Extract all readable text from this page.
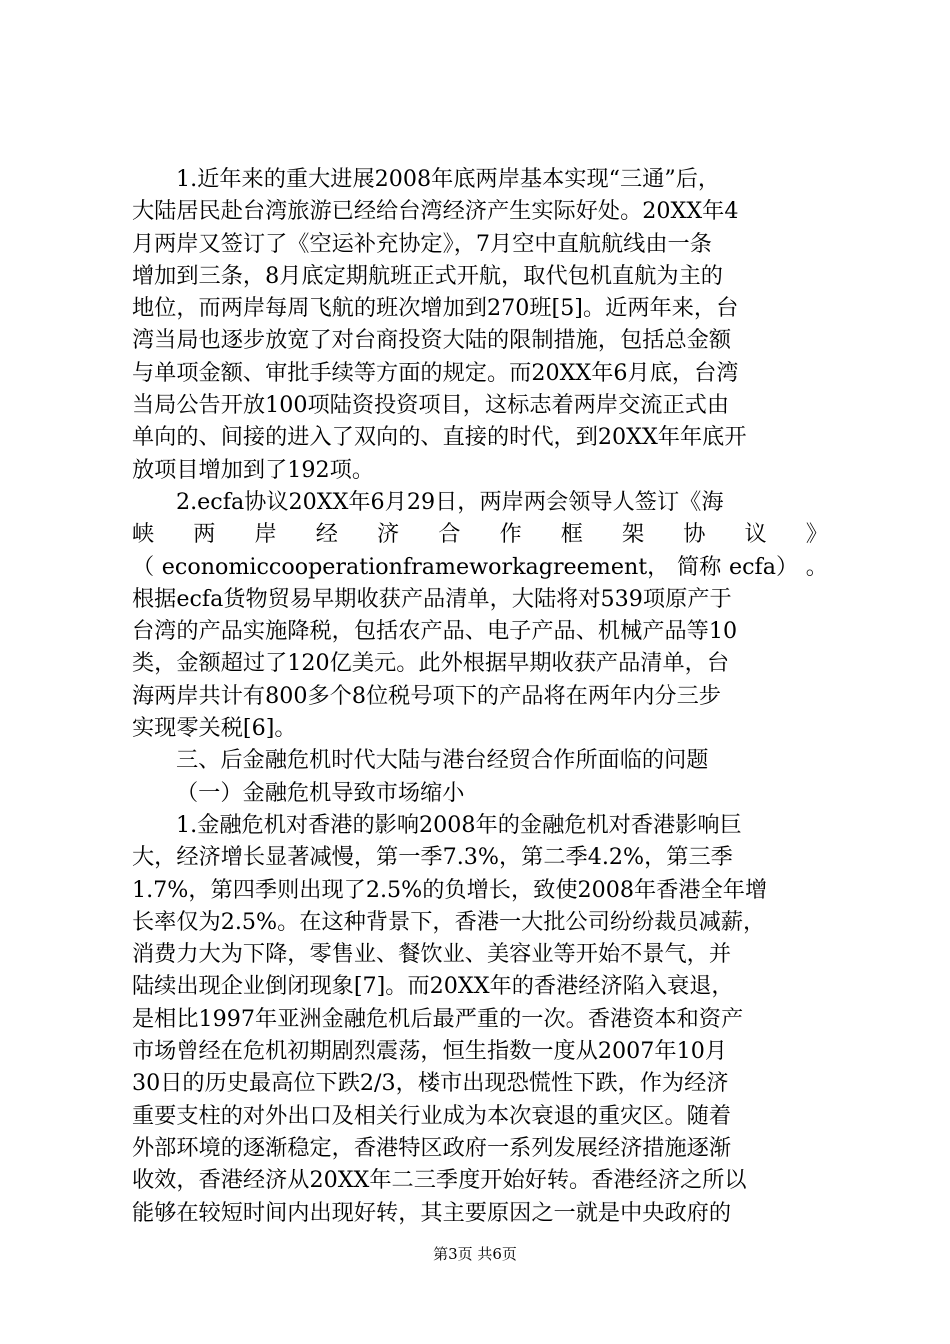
1.近年来的重大进展2008年底两岸基本实现“三通”后，
大陆居民赴台湾旅游已经给台湾经济产生实际好处。20XX年4
月两岸又签订了《空运补充协定》，7月空中直航航线由一条
增加到三条，8月底定期航班正式开航，取代包机直航为主的
地位，而两岸每周飞航的班次增加到270班[5]。近两年来，台
湾当局也逐步放宽了对台商投资大陆的限制措施，包括总金额
与单项金额、审批手续等方面的规定。而20XX年6月底，台湾
当局公告开放100项陆资投资项目，这标志着两岸交流正式由
单向的、间接的进入了双向的、直接的时代，到20XX年年底开
放项目增加到了192项。
2.ecfa协议20XX年6月29日，两岸两会领导人签订《海
峡 两 岸 经 济 合 作 框 架 协 议 》
（ economiccooperationframeworkagreement， 简称 ecfa） 。
根据ecfa货物贸易早期收获产品清单，大陆将对539项原产于
台湾的产品实施降税，包括农产品、电子产品、机械产品等10
类，金额超过了120亿美元。此外根据早期收获产品清单，台
海两岸共计有800多个8位税号项下的产品将在两年内分三步
实现零关税[6]。
三、后金融危机时代大陆与港台经贸合作所面临的问题
（一）金融危机导致市场缩小
1.金融危机对香港的影响2008年的金融危机对香港影响巨
大，经济增长显著减慢，第一季7.3%，第二季4.2%，第三季
1.7%，第四季则出现了2.5%的负增长，致使2008年香港全年增
长率仅为2.5%。在这种背景下，香港一大批公司纷纷裁员减薪，
消费力大为下降，零售业、餐饮业、美容业等开始不景气，并
陆续出现企业倒闭现象[7]。而20XX年的香港经济陷入衰退，
是相比1997年亚洲金融危机后最严重的一次。香港资本和资产
市场曾经在危机初期剧烈震荡，恒生指数一度从2007年10月
30日的历史最高位下跌2/3，楼市出现恐慌性下跌，作为经济
重要支柱的对外出口及相关行业成为本次衰退的重灾区。随着
外部环境的逐渐稳定，香港特区政府一系列发展经济措施逐渐
收效，香港经济从20XX年二三季度开始好转。香港经济之所以
能够在较短时间内出现好转，其主要原因之一就是中央政府的
第3页 共6页
